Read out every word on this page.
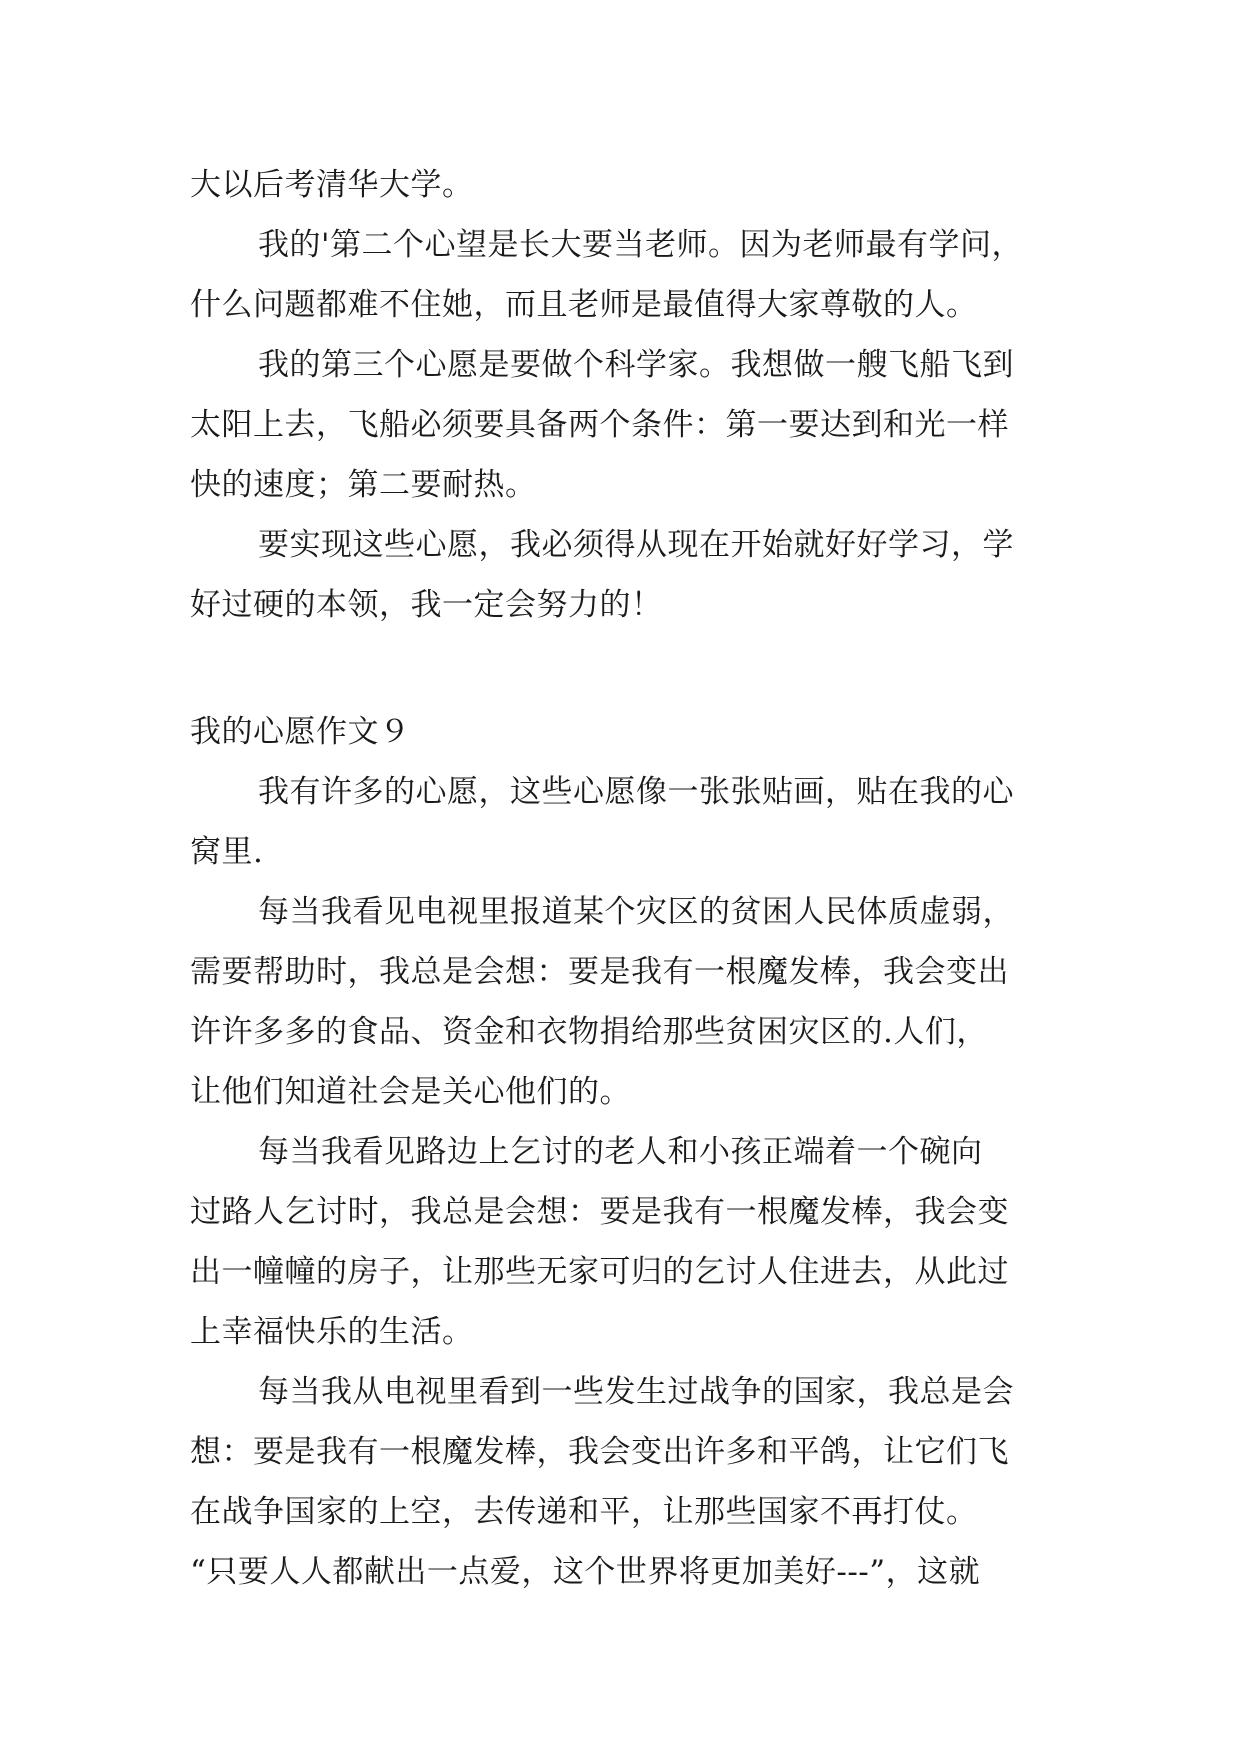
大以后考清华大学。
我的'第二个心望是长大要当老师。因为老师最有学问，
什么问题都难不住她，而且老师是最值得大家尊敬的人。
我的第三个心愿是要做个科学家。我想做一艘飞船飞到
太阳上去，飞船必须要具备两个条件：第一要达到和光一样
快的速度；第二要耐热。
要实现这些心愿，我必须得从现在开始就好好学习，学
好过硬的本领，我一定会努力的！
我的心愿作文９
我有许多的心愿，这些心愿像一张张贴画，贴在我的心
窝里.
每当我看见电视里报道某个灾区的贫困人民体质虚弱，
需要帮助时，我总是会想：要是我有一根魔发棒，我会变出
许许多多的食品、资金和衣物捐给那些贫困灾区的.人们，
让他们知道社会是关心他们的。
每当我看见路边上乞讨的老人和小孩正端着一个碗向
过路人乞讨时，我总是会想：要是我有一根魔发棒，我会变
出一幢幢的房子，让那些无家可归的乞讨人住进去，从此过
上幸福快乐的生活。
每当我从电视里看到一些发生过战争的国家，我总是会
想：要是我有一根魔发棒，我会变出许多和平鸽，让它们飞
在战争国家的上空，去传递和平，让那些国家不再打仗。
“只要人人都献出一点爱，这个世界将更加美好---”，这就
